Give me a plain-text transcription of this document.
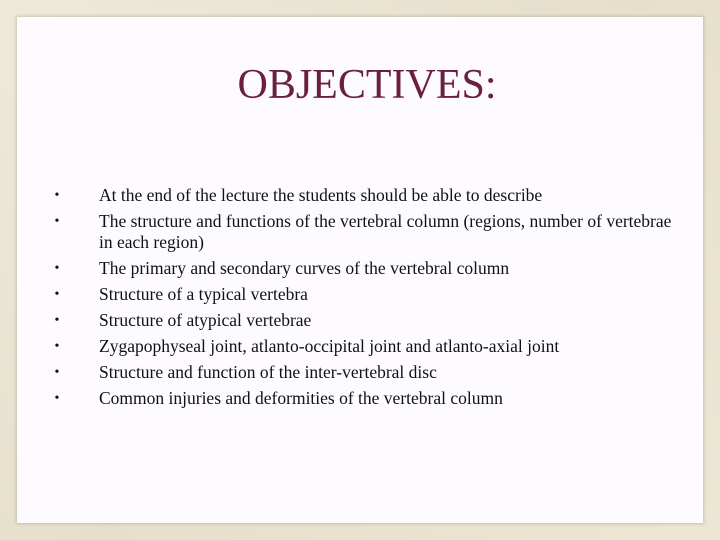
OBJECTIVES:
•	At the end of the lecture the students should be able to describe
•	The structure and functions of the vertebral column (regions, number of vertebrae in each region)
•	The primary and secondary curves of the vertebral column
•	Structure of a typical vertebra
•	Structure of atypical vertebrae
•	Zygapophyseal joint, atlanto-occipital joint and atlanto-axial joint
•	Structure and function of the inter-vertebral disc
•	Common injuries and deformities of the vertebral column
